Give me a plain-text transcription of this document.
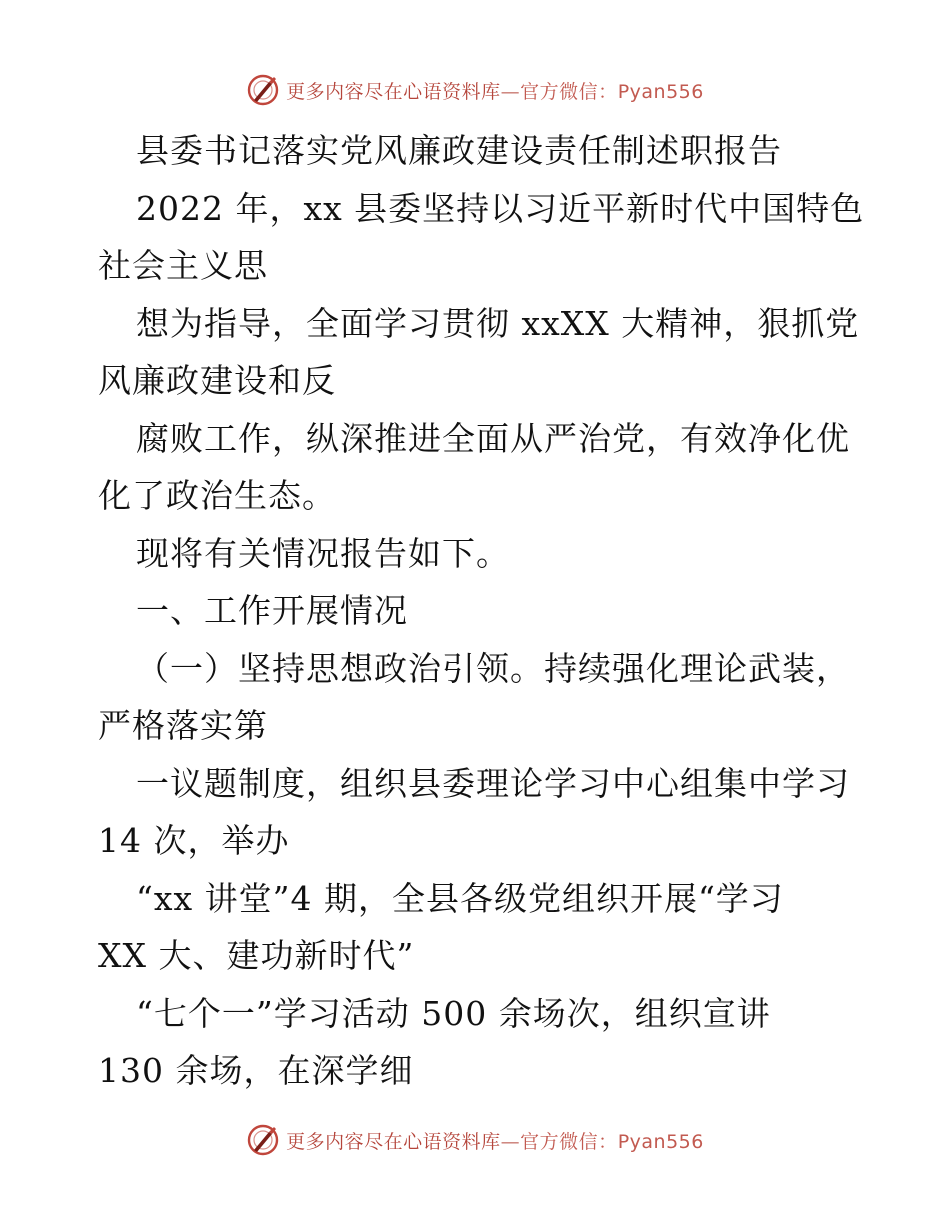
更多内容尽在心语资料库—官方微信：Pyan556
县委书记落实党风廉政建设责任制述职报告
2022 年，xx 县委坚持以习近平新时代中国特色
社会主义思
想为指导，全面学习贯彻 xxXX 大精神，狠抓党
风廉政建设和反
腐败工作，纵深推进全面从严治党，有效净化优
化了政治生态。
现将有关情况报告如下。
一、工作开展情况
（一）坚持思想政治引领。持续强化理论武装，
严格落实第
一议题制度，组织县委理论学习中心组集中学习
14 次，举办
“xx 讲堂”4 期，全县各级党组织开展“学习
XX 大、建功新时代”
“七个一”学习活动 500 余场次，组织宣讲
130 余场，在深学细
更多内容尽在心语资料库—官方微信：Pyan556
